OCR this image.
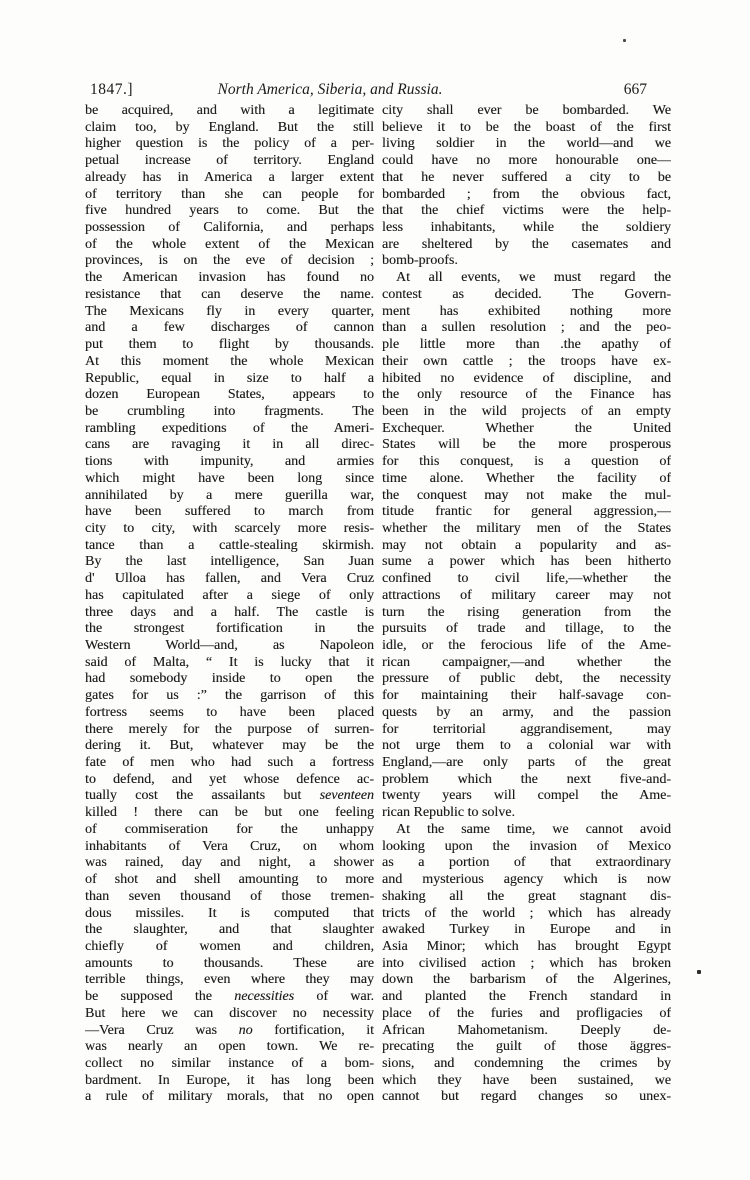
1847.]	North America, Siberia, and Russia.	667
be acquired, and with a legitimate
claim too, by England. But the still
higher question is the policy of a per-
petual increase of territory. England
already has in America a larger extent
of territory than she can people for
five hundred years to come. But the
possession of California, and perhaps
of the whole extent of the Mexican
provinces, is on the eve of decision ;
the American invasion has found no
resistance that can deserve the name.
The Mexicans fly in every quarter,
and a few discharges of cannon
put them to flight by thousands.
At this moment the whole Mexican
Republic, equal in size to half a
dozen European States, appears to
be crumbling into fragments. The
rambling expeditions of the Ameri-
cans are ravaging it in all direc-
tions with impunity, and armies
which might have been long since
annihilated by a mere guerilla war,
have been suffered to march from
city to city, with scarcely more resis-
tance than a cattle-stealing skirmish.
By the last intelligence, San Juan
d' Ulloa has fallen, and Vera Cruz
has capitulated after a siege of only
three days and a half. The castle is
the strongest fortification in the
Western World—and, as Napoleon
said of Malta, “ It is lucky that it
had somebody inside to open the
gates for us :” the garrison of this
fortress seems to have been placed
there merely for the purpose of surren-
dering it. But, whatever may be the
fate of men who had such a fortress
to defend, and yet whose defence ac-
tually cost the assailants but seventeen
killed ! there can be but one feeling
of commiseration for the unhappy
inhabitants of Vera Cruz, on whom
was rained, day and night, a shower
of shot and shell amounting to more
than seven thousand of those tremen-
dous missiles. It is computed that
the slaughter, and that slaughter
chiefly of women and children,
amounts to thousands. These are
terrible things, even where they may
be supposed the necessities of war.
But here we can discover no necessity
—Vera Cruz was no fortification, it
was nearly an open town. We re-
collect no similar instance of a bom-
bardment. In Europe, it has long been
a rule of military morals, that no open
city shall ever be bombarded. We
believe it to be the boast of the first
living soldier in the world—and we
could have no more honourable one—
that he never suffered a city to be
bombarded ; from the obvious fact,
that the chief victims were the help-
less inhabitants, while the soldiery
are sheltered by the casemates and
bomb-proofs.
At all events, we must regard the
contest as decided. The Govern-
ment has exhibited nothing more
than a sullen resolution ; and the peo-
ple little more than .the apathy of
their own cattle ; the troops have ex-
hibited no evidence of discipline, and
the only resource of the Finance has
been in the wild projects of an empty
Exchequer. Whether the United
States will be the more prosperous
for this conquest, is a question of
time alone. Whether the facility of
the conquest may not make the mul-
titude frantic for general aggression,—
whether the military men of the States
may not obtain a popularity and as-
sume a power which has been hitherto
confined to civil life,—whether the
attractions of military career may not
turn the rising generation from the
pursuits of trade and tillage, to the
idle, or the ferocious life of the Ame-
rican campaigner,—and whether the
pressure of public debt, the necessity
for maintaining their half-savage con-
quests by an army, and the passion
for territorial aggrandisement, may
not urge them to a colonial war with
England,—are only parts of the great
problem which the next five-and-
twenty years will compel the Ame-
rican Republic to solve.
At the same time, we cannot avoid
looking upon the invasion of Mexico
as a portion of that extraordinary
and mysterious agency which is now
shaking all the great stagnant dis-
tricts of the world ; which has already
awaked Turkey in Europe and in
Asia Minor; which has brought Egypt
into civilised action ; which has broken
down the barbarism of the Algerines,
and planted the French standard in
place of the furies and profligacies of
African Mahometanism. Deeply de-
precating the guilt of those äggres-
sions, and condemning the crimes by
which they have been sustained, we
cannot but regard changes so unex-
